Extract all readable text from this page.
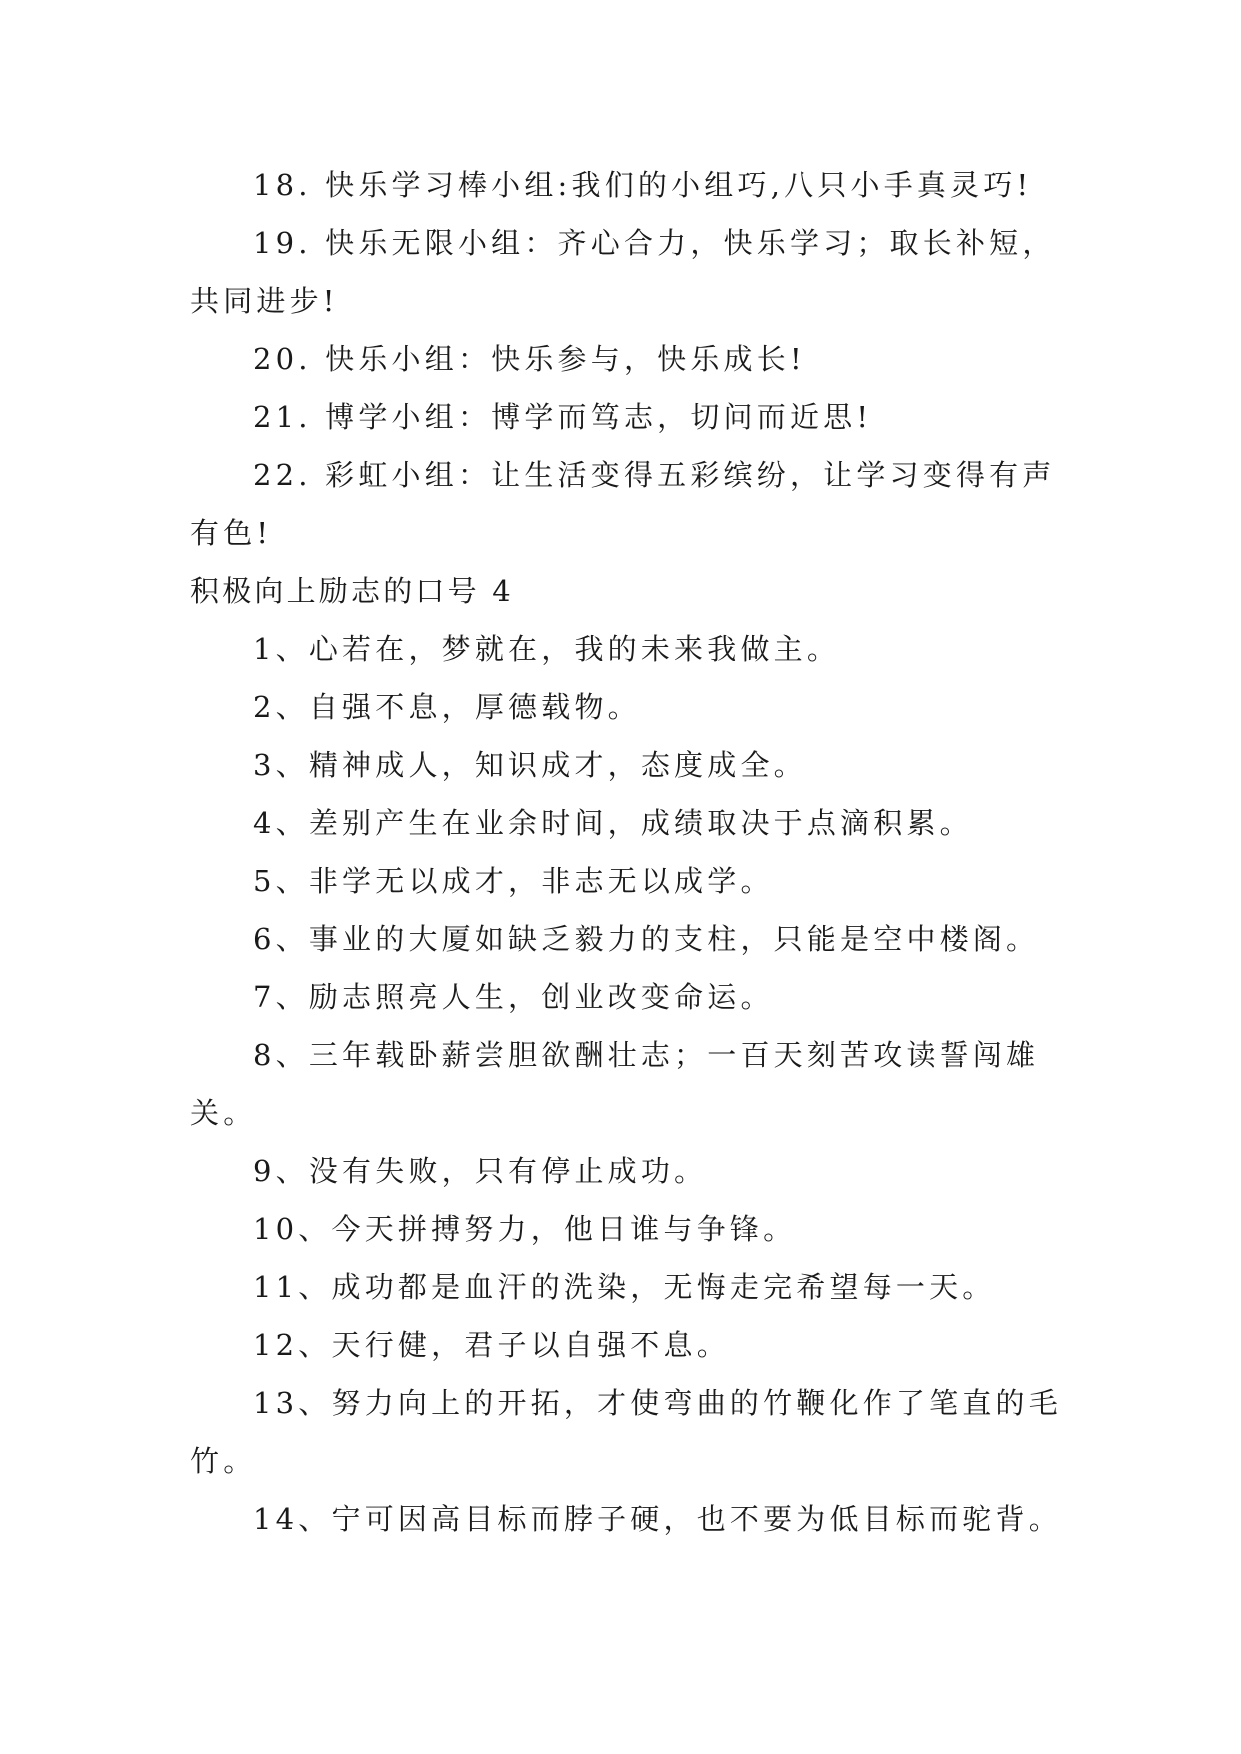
18. 快乐学习棒小组:我们的小组巧,八只小手真灵巧!
19. 快乐无限小组：齐心合力，快乐学习；取长补短，
共同进步!
20. 快乐小组：快乐参与，快乐成长!
21. 博学小组：博学而笃志，切问而近思!
22. 彩虹小组：让生活变得五彩缤纷，让学习变得有声
有色!
积极向上励志的口号 4
1、心若在，梦就在，我的未来我做主。
2、自强不息，厚德载物。
3、精神成人，知识成才，态度成全。
4、差别产生在业余时间，成绩取决于点滴积累。
5、非学无以成才，非志无以成学。
6、事业的大厦如缺乏毅力的支柱，只能是空中楼阁。
7、励志照亮人生，创业改变命运。
8、三年载卧薪尝胆欲酬壮志；一百天刻苦攻读誓闯雄
关。
9、没有失败，只有停止成功。
10、今天拼搏努力，他日谁与争锋。
11、成功都是血汗的洗染，无悔走完希望每一天。
12、天行健，君子以自强不息。
13、努力向上的开拓，才使弯曲的竹鞭化作了笔直的毛
竹。
14、宁可因高目标而脖子硬，也不要为低目标而驼背。
